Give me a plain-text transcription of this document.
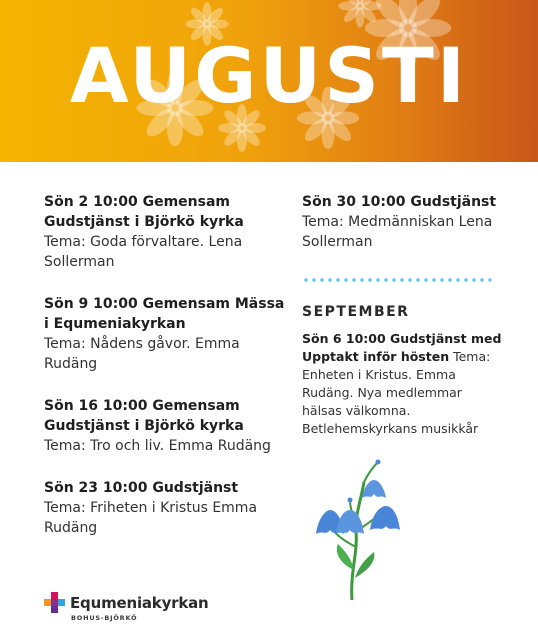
AUGUSTI
Sön 2 10:00 Gemensam Gudstjänst i Björkö kyrka
Tema: Goda förvaltare. Lena Sollerman
Sön 9 10:00 Gemensam Mässa i Equmeniakyrkan
Tema: Nådens gåvor. Emma Rudäng
Sön 16 10:00 Gemensam Gudstjänst i Björkö kyrka
Tema: Tro och liv. Emma Rudäng
Sön 23 10:00 Gudstjänst
Tema: Friheten i Kristus Emma Rudäng
Sön 30 10:00 Gudstjänst
Tema: Medmänniskan Lena Sollerman
SEPTEMBER
Sön 6 10:00 Gudstjänst med Upptakt inför hösten Tema: Enheten i Kristus. Emma Rudäng. Nya medlemmar hälsas välkomna. Betlehemskyrkans musikkår
Equmeniakyrkan
BOHUS-BJÖRKÖ
